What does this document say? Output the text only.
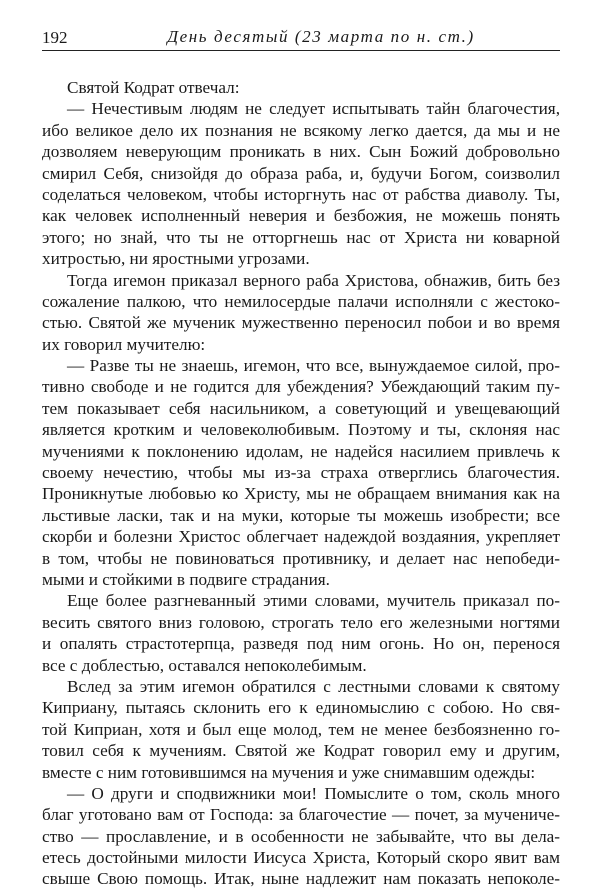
192	День десятый (23 марта по н. ст.)
Святой Кодрат отвечал:
— Нечестивым людям не следует испытывать тайн благочестия,
ибо великое дело их познания не всякому легко дается, да мы и не
дозволяем неверующим проникать в них. Сын Божий добровольно
смирил Себя, снизойдя до образа раба, и, будучи Богом, соизволил
соделаться человеком, чтобы исторгнуть нас от рабства диаволу. Ты,
как человек исполненный неверия и безбожия, не можешь понять
этого; но знай, что ты не отторгнешь нас от Христа ни коварной
хитростью, ни яростными угрозами.
Тогда игемон приказал верного раба Христова, обнажив, бить без
сожаление палкою, что немилосердые палачи исполняли с жестоко-
стью. Святой же мученик мужественно переносил побои и во время
их говорил мучителю:
— Разве ты не знаешь, игемон, что все, вынуждаемое силой, про-
тивно свободе и не годится для убеждения? Убеждающий таким пу-
тем показывает себя насильником, а советующий и увещевающий
является кротким и человеколюбивым. Поэтому и ты, склоняя нас
мучениями к поклонению идолам, не надейся насилием привлечь к
своему нечестию, чтобы мы из-за страха отверглись благочестия.
Проникнутые любовью ко Христу, мы не обращаем внимания как на
льстивые ласки, так и на муки, которые ты можешь изобрести; все
скорби и болезни Христос облегчает надеждой воздаяния, укрепляет
в том, чтобы не повиноваться противнику, и делает нас непобеди-
мыми и стойкими в подвиге страдания.
Еще более разгневанный этими словами, мучитель приказал по-
весить святого вниз головою, строгать тело его железными ногтями
и опалять страстотерпца, разведя под ним огонь. Но он, перенося
все с доблестью, оставался непоколебимым.
Вслед за этим игемон обратился с лестными словами к святому
Киприану, пытаясь склонить его к единомыслию с собою. Но свя-
той Киприан, хотя и был еще молод, тем не менее безбоязненно го-
товил себя к мучениям. Святой же Кодрат говорил ему и другим,
вместе с ним готовившимся на мучения и уже снимавшим одежды:
— О други и сподвижники мои! Помыслите о том, сколь много
благ уготовано вам от Господа: за благочестие — почет, за мучениче-
ство — прославление, и в особенности не забывайте, что вы дела-
етесь достойными милости Иисуса Христа, Который скоро явит вам
свыше Свою помощь. Итак, ныне надлежит нам показать непоколе-
